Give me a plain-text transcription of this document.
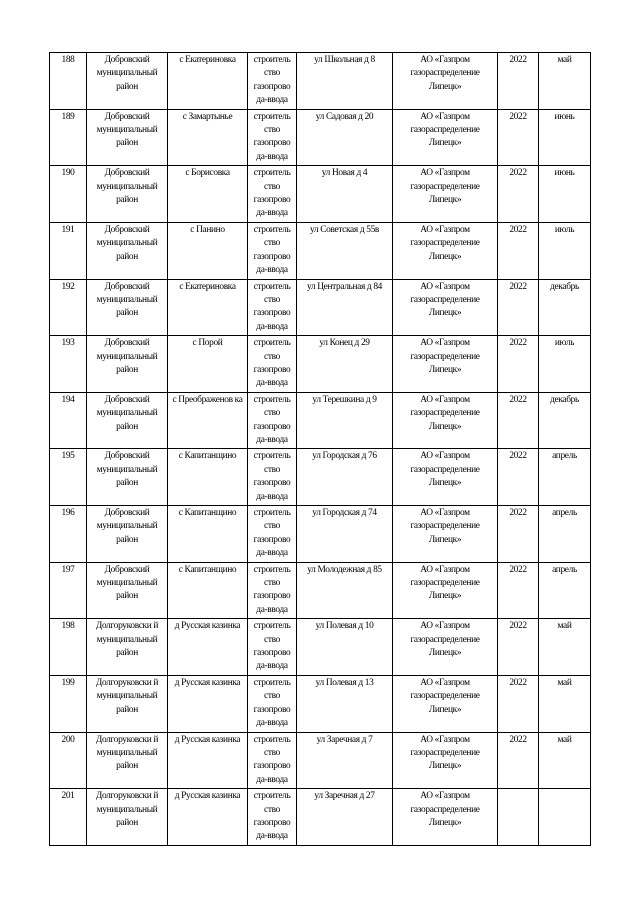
188	Добровский муниципальный район	с Екатериновка	строитель ство газопрово да-ввода	ул Школьная д 8	АО «Газпром газораспределение Липецк»	2022	май
189	Добровский муниципальный район	с Замартынье	строитель ство газопрово да-ввода	ул Садовая д 20	АО «Газпром газораспределение Липецк»	2022	июнь
190	Добровский муниципальный район	с Борисовка	строитель ство газопрово да-ввода	ул Новая д 4	АО «Газпром газораспределение Липецк»	2022	июнь
191	Добровский муниципальный район	с Панино	строитель ство газопрово да-ввода	ул Советская д 55в	АО «Газпром газораспределение Липецк»	2022	июль
192	Добровский муниципальный район	с Екатериновка	строитель ство газопрово да-ввода	ул Центральная д 84	АО «Газпром газораспределение Липецк»	2022	декабрь
193	Добровский муниципальный район	с Порой	строитель ство газопрово да-ввода	ул Конец д 29	АО «Газпром газораспределение Липецк»	2022	июль
194	Добровский муниципальный район	с Преображенов ка	строитель ство газопрово да-ввода	ул Терешкина д 9	АО «Газпром газораспределение Липецк»	2022	декабрь
195	Добровский муниципальный район	с Капитанщино	строитель ство газопрово да-ввода	ул Городская д 76	АО «Газпром газораспределение Липецк»	2022	апрель
196	Добровский муниципальный район	с Капитанщино	строитель ство газопрово да-ввода	ул Городская д 74	АО «Газпром газораспределение Липецк»	2022	апрель
197	Добровский муниципальный район	с Капитанщино	строитель ство газопрово да-ввода	ул Молодежная д 85	АО «Газпром газораспределение Липецк»	2022	апрель
198	Долгоруковски й муниципальный район	д Русская казинка	строитель ство газопрово да-ввода	ул Полевая д 10	АО «Газпром газораспределение Липецк»	2022	май
199	Долгоруковски й муниципальный район	д Русская казинка	строитель ство газопрово да-ввода	ул Полевая д 13	АО «Газпром газораспределение Липецк»	2022	май
200	Долгоруковски й муниципальный район	д Русская казинка	строитель ство газопрово да-ввода	ул Заречная д 7	АО «Газпром газораспределение Липецк»	2022	май
201	Долгоруковски й муниципальный район	д Русская казинка	строитель ство газопрово да-ввода	ул Заречная д 27	АО «Газпром газораспределение Липецк»		
